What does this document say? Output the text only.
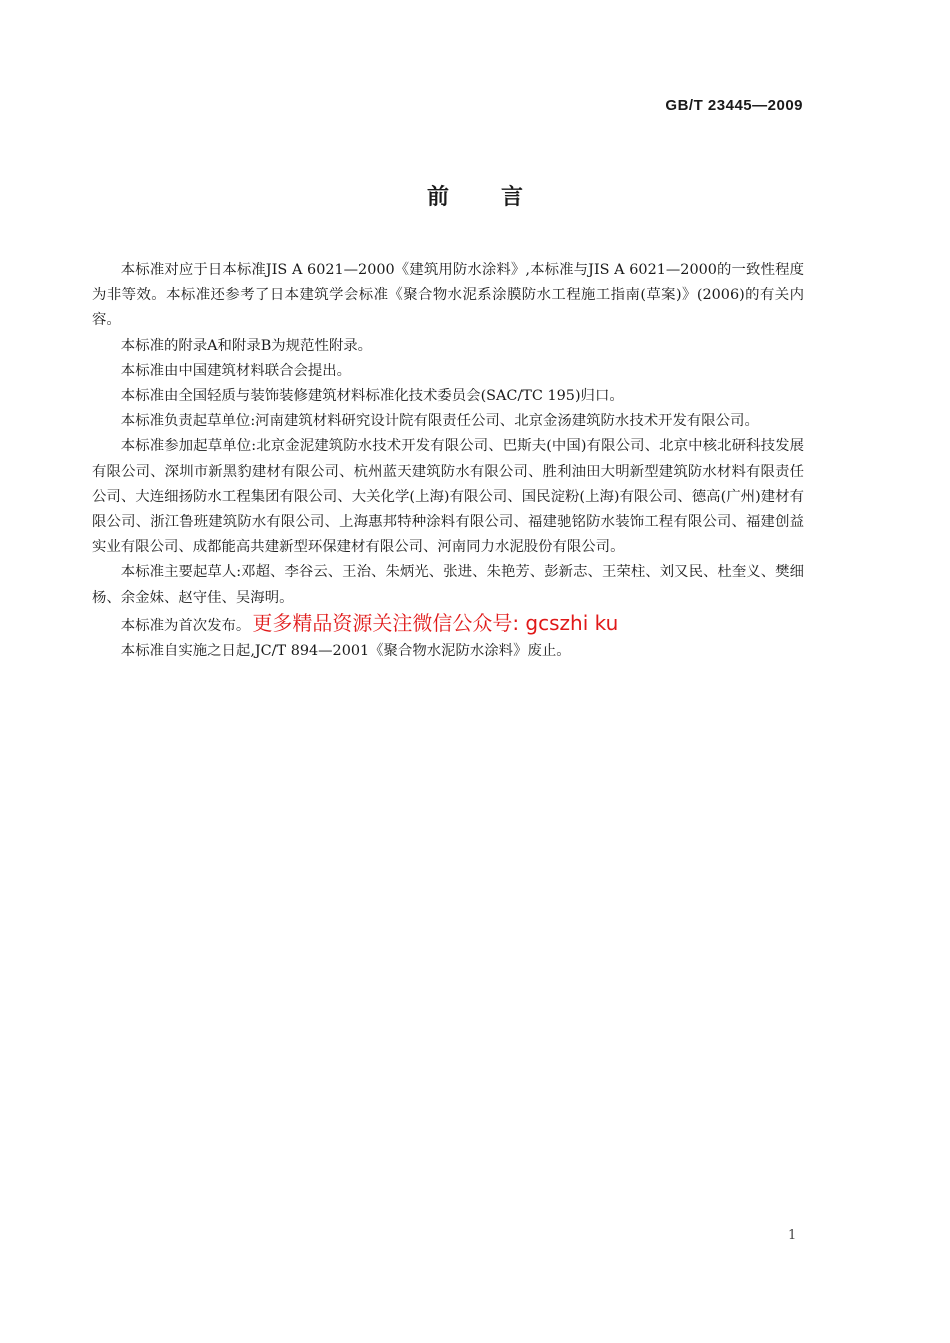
GB/T 23445—2009
前言

本标准对应于日本标准JIS A 6021—2000《建筑用防水涂料》,本标准与JIS A 6021—2000的一致性程度为非等效。本标准还参考了日本建筑学会标准《聚合物水泥系涂膜防水工程施工指南(草案)》(2006)的有关内容。

本标准的附录A和附录B为规范性附录。

本标准由中国建筑材料联合会提出。

本标准由全国轻质与装饰装修建筑材料标准化技术委员会(SAC/TC 195)归口。

本标准负责起草单位:河南建筑材料研究设计院有限责任公司、北京金汤建筑防水技术开发有限公司。

本标准参加起草单位:北京金泥建筑防水技术开发有限公司、巴斯夫(中国)有限公司、北京中核北研科技发展有限公司、深圳市新黑豹建材有限公司、杭州蓝天建筑防水有限公司、胜利油田大明新型建筑防水材料有限责任公司、大连细扬防水工程集团有限公司、大关化学(上海)有限公司、国民淀粉(上海)有限公司、德高(广州)建材有限公司、浙江鲁班建筑防水有限公司、上海惠邦特种涂料有限公司、福建驰铭防水装饰工程有限公司、福建创益实业有限公司、成都能高共建新型环保建材有限公司、河南同力水泥股份有限公司。

本标准主要起草人:邓超、李谷云、王治、朱炳光、张进、朱艳芳、彭新志、王荣柱、刘又民、杜奎义、樊细杨、余金妹、赵守佳、吴海明。

本标准为首次发布。 更多精品资源关注微信公众号: gcszhi ku

本标准自实施之日起,JC/T 894—2001《聚合物水泥防水涂料》废止。

1
